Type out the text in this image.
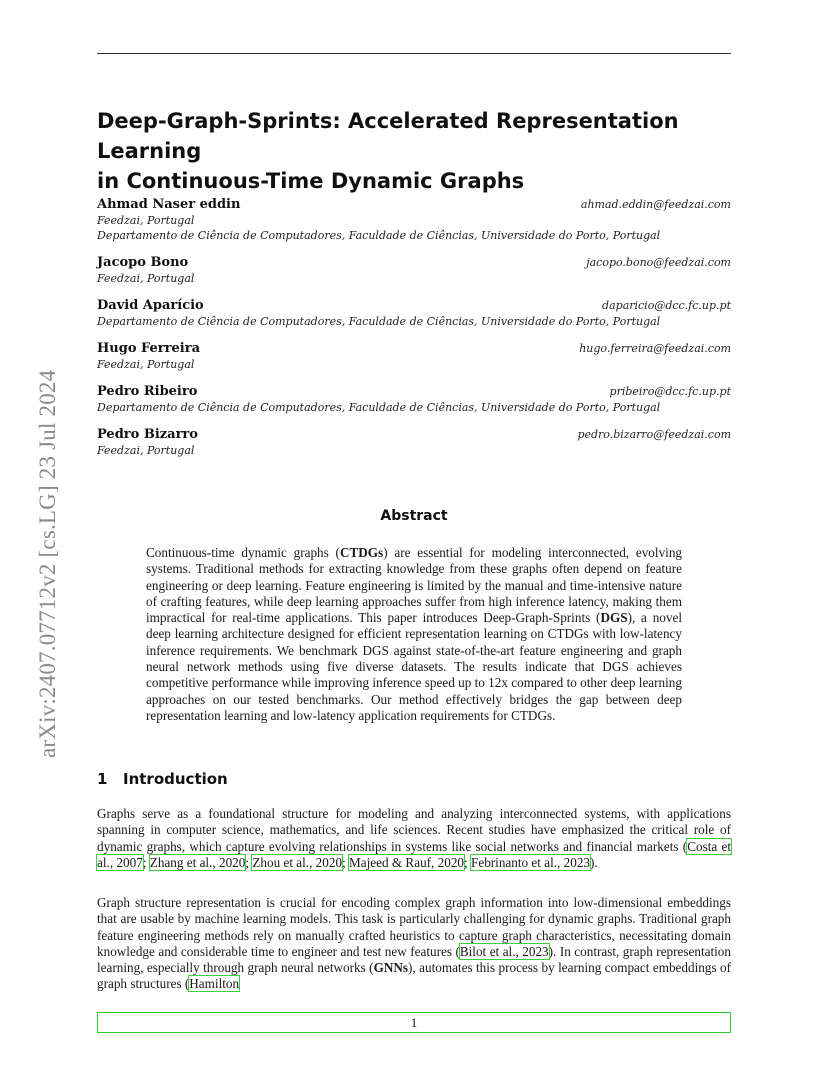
arXiv:2407.07712v2 [cs.LG] 23 Jul 2024
Deep-Graph-Sprints: Accelerated Representation Learning
in Continuous-Time Dynamic Graphs
Ahmad Naser eddin	ahmad.eddin@feedzai.com
Feedzai, Portugal
Departamento de Ciência de Computadores, Faculdade de Ciências, Universidade do Porto, Portugal
Jacopo Bono	jacopo.bono@feedzai.com
Feedzai, Portugal
David Aparício	daparicio@dcc.fc.up.pt
Departamento de Ciência de Computadores, Faculdade de Ciências, Universidade do Porto, Portugal
Hugo Ferreira	hugo.ferreira@feedzai.com
Feedzai, Portugal
Pedro Ribeiro	pribeiro@dcc.fc.up.pt
Departamento de Ciência de Computadores, Faculdade de Ciências, Universidade do Porto, Portugal
Pedro Bizarro	pedro.bizarro@feedzai.com
Feedzai, Portugal
Abstract
Continuous-time dynamic graphs (CTDGs) are essential for modeling interconnected, evolving systems. Traditional methods for extracting knowledge from these graphs often depend on feature engineering or deep learning. Feature engineering is limited by the manual and time-intensive nature of crafting features, while deep learning approaches suffer from high inference latency, making them impractical for real-time applications. This paper introduces Deep-Graph-Sprints (DGS), a novel deep learning architecture designed for efficient representation learning on CTDGs with low-latency inference requirements. We benchmark DGS against state-of-the-art feature engineering and graph neural network methods using five diverse datasets. The results indicate that DGS achieves competitive performance while improving inference speed up to 12x compared to other deep learning approaches on our tested benchmarks. Our method effectively bridges the gap between deep representation learning and low-latency application requirements for CTDGs.
1 Introduction
Graphs serve as a foundational structure for modeling and analyzing interconnected systems, with applications spanning in computer science, mathematics, and life sciences. Recent studies have emphasized the critical role of dynamic graphs, which capture evolving relationships in systems like social networks and financial markets (Costa et al., 2007; Zhang et al., 2020; Zhou et al., 2020; Majeed & Rauf, 2020; Febrinanto et al., 2023).
Graph structure representation is crucial for encoding complex graph information into low-dimensional embeddings that are usable by machine learning models. This task is particularly challenging for dynamic graphs. Traditional graph feature engineering methods rely on manually crafted heuristics to capture graph characteristics, necessitating domain knowledge and considerable time to engineer and test new features (Bilot et al., 2023). In contrast, graph representation learning, especially through graph neural networks (GNNs), automates this process by learning compact embeddings of graph structures (Hamilton
1
